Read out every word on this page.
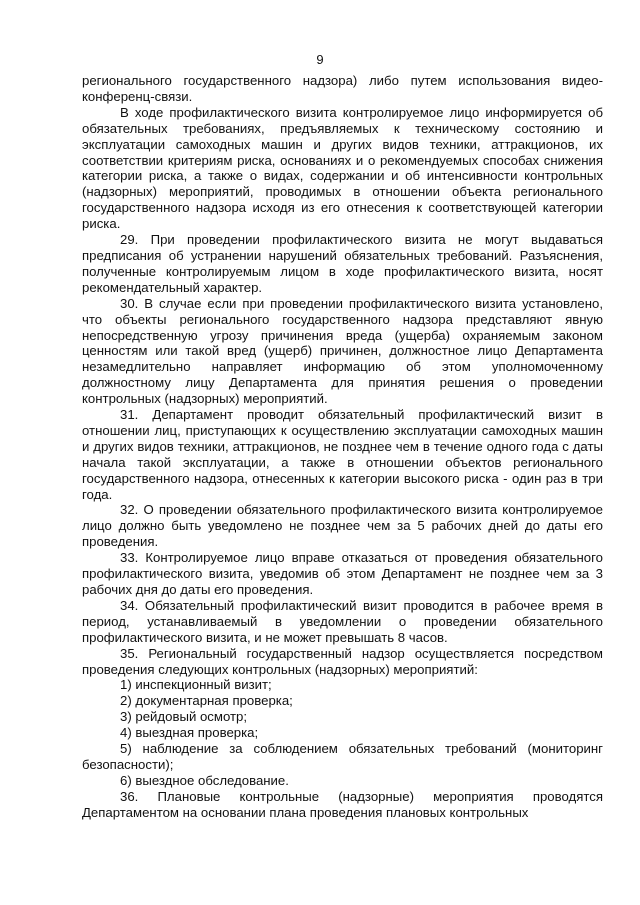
9

регионального государственного надзора) либо путем использования видео-конференц-связи.

В ходе профилактического визита контролируемое лицо информируется об обязательных требованиях, предъявляемых к техническому состоянию и эксплуатации самоходных машин и других видов техники, аттракционов, их соответствии критериям риска, основаниях и о рекомендуемых способах снижения категории риска, а также о видах, содержании и об интенсивности контрольных (надзорных) мероприятий, проводимых в отношении объекта регионального государственного надзора исходя из его отнесения к соответствующей категории риска.

29. При проведении профилактического визита не могут выдаваться предписания об устранении нарушений обязательных требований. Разъяснения, полученные контролируемым лицом в ходе профилактического визита, носят рекомендательный характер.

30. В случае если при проведении профилактического визита установлено, что объекты регионального государственного надзора представляют явную непосредственную угрозу причинения вреда (ущерба) охраняемым законом ценностям или такой вред (ущерб) причинен, должностное лицо Департамента незамедлительно направляет информацию об этом уполномоченному должностному лицу Департамента для принятия решения о проведении контрольных (надзорных) мероприятий.

31. Департамент проводит обязательный профилактический визит в отношении лиц, приступающих к осуществлению эксплуатации самоходных машин и других видов техники, аттракционов, не позднее чем в течение одного года с даты начала такой эксплуатации, а также в отношении объектов регионального государственного надзора, отнесенных к категории высокого риска - один раз в три года.

32. О проведении обязательного профилактического визита контролируемое лицо должно быть уведомлено не позднее чем за 5 рабочих дней до даты его проведения.

33. Контролируемое лицо вправе отказаться от проведения обязательного профилактического визита, уведомив об этом Департамент не позднее чем за 3 рабочих дня до даты его проведения.

34. Обязательный профилактический визит проводится в рабочее время в период, устанавливаемый в уведомлении о проведении обязательного профилактического визита, и не может превышать 8 часов.

35. Региональный государственный надзор осуществляется посредством проведения следующих контрольных (надзорных) мероприятий:

1) инспекционный визит;

2) документарная проверка;

3) рейдовый осмотр;

4) выездная проверка;

5) наблюдение за соблюдением обязательных требований (мониторинг безопасности);

6) выездное обследование.

36. Плановые контрольные (надзорные) мероприятия проводятся Департаментом на основании плана проведения плановых контрольных
